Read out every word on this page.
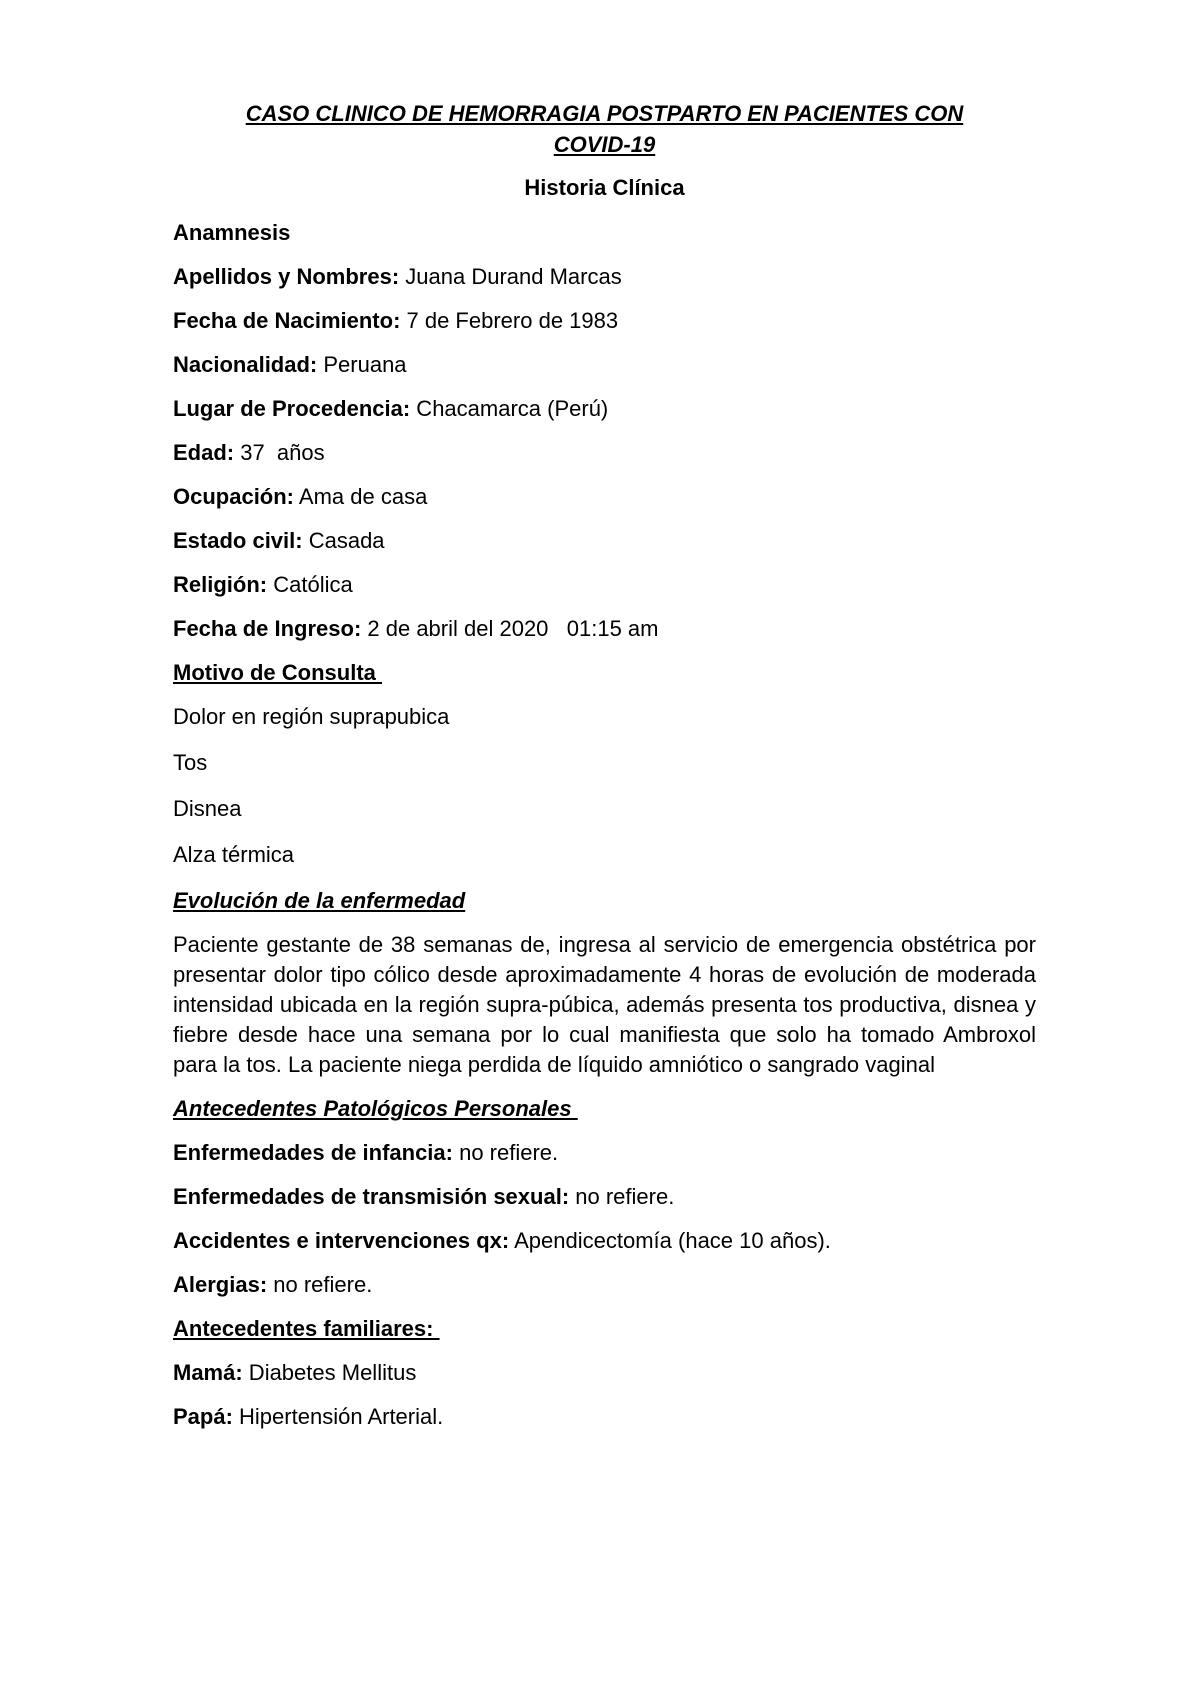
CASO CLINICO DE HEMORRAGIA POSTPARTO EN PACIENTES CON
COVID-19
Historia Clínica
Anamnesis
Apellidos y Nombres: Juana Durand Marcas
Fecha de Nacimiento: 7 de Febrero de 1983
Nacionalidad: Peruana
Lugar de Procedencia: Chacamarca (Perú)
Edad: 37  años
Ocupación: Ama de casa
Estado civil: Casada
Religión: Católica
Fecha de Ingreso: 2 de abril del 2020   01:15 am
Motivo de Consulta
Dolor en región suprapubica
Tos
Disnea
Alza térmica
Evolución de la enfermedad
Paciente gestante de 38 semanas de, ingresa al servicio de emergencia obstétrica por presentar dolor tipo cólico desde aproximadamente 4 horas de evolución de moderada intensidad ubicada en la región supra-púbica, además presenta tos productiva, disnea y fiebre desde hace una semana por lo cual manifiesta que solo ha tomado Ambroxol para la tos. La paciente niega perdida de líquido amniótico o sangrado vaginal
Antecedentes Patológicos Personales
Enfermedades de infancia: no refiere.
Enfermedades de transmisión sexual: no refiere.
Accidentes e intervenciones qx: Apendicectomía (hace 10 años).
Alergias: no refiere.
Antecedentes familiares:
Mamá: Diabetes Mellitus
Papá: Hipertensión Arterial.
